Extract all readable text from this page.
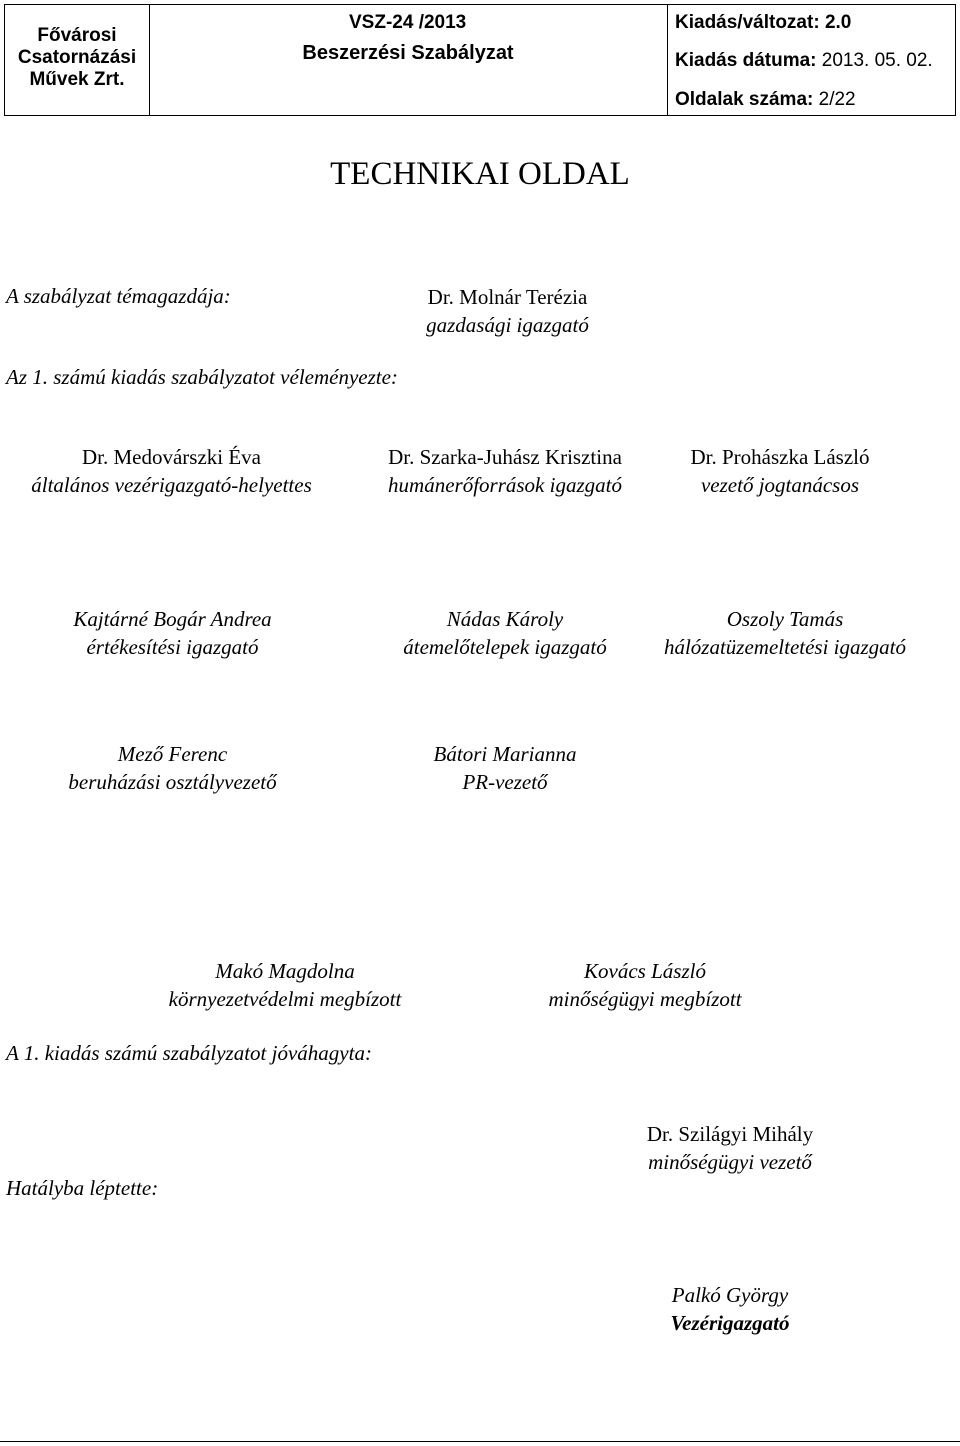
Fővárosi
Csatornázási
Művek Zrt.
VSZ-24 /2013
Beszerzési Szabályzat
Kiadás/változat: 2.0
Kiadás dátuma: 2013. 05. 02.
Oldalak száma: 2/22
TECHNIKAI OLDAL
A szabályzat témagazdája:	Dr. Molnár Terézia
gazdasági igazgató
Az 1. számú kiadás szabályzatot véleményezte:
Dr. Medovárszki Éva
általános vezérigazgató-helyettes
Dr. Szarka-Juhász Krisztina
humánerőforrások igazgató
Dr. Prohászka László
vezető jogtanácsos
Kajtárné Bogár Andrea
értékesítési igazgató
Nádas Károly
átemelőtelepek igazgató
Oszoly Tamás
hálózatüzemeltetési igazgató
Mező Ferenc
beruházási osztályvezető
Bátori Marianna
PR-vezető
Makó Magdolna
környezetvédelmi megbízott
Kovács László
minőségügyi megbízott
A 1. kiadás számú szabályzatot jóváhagyta:
Dr. Szilágyi Mihály
minőségügyi vezető
Hatályba léptette:
Palkó György
Vezérigazgató
